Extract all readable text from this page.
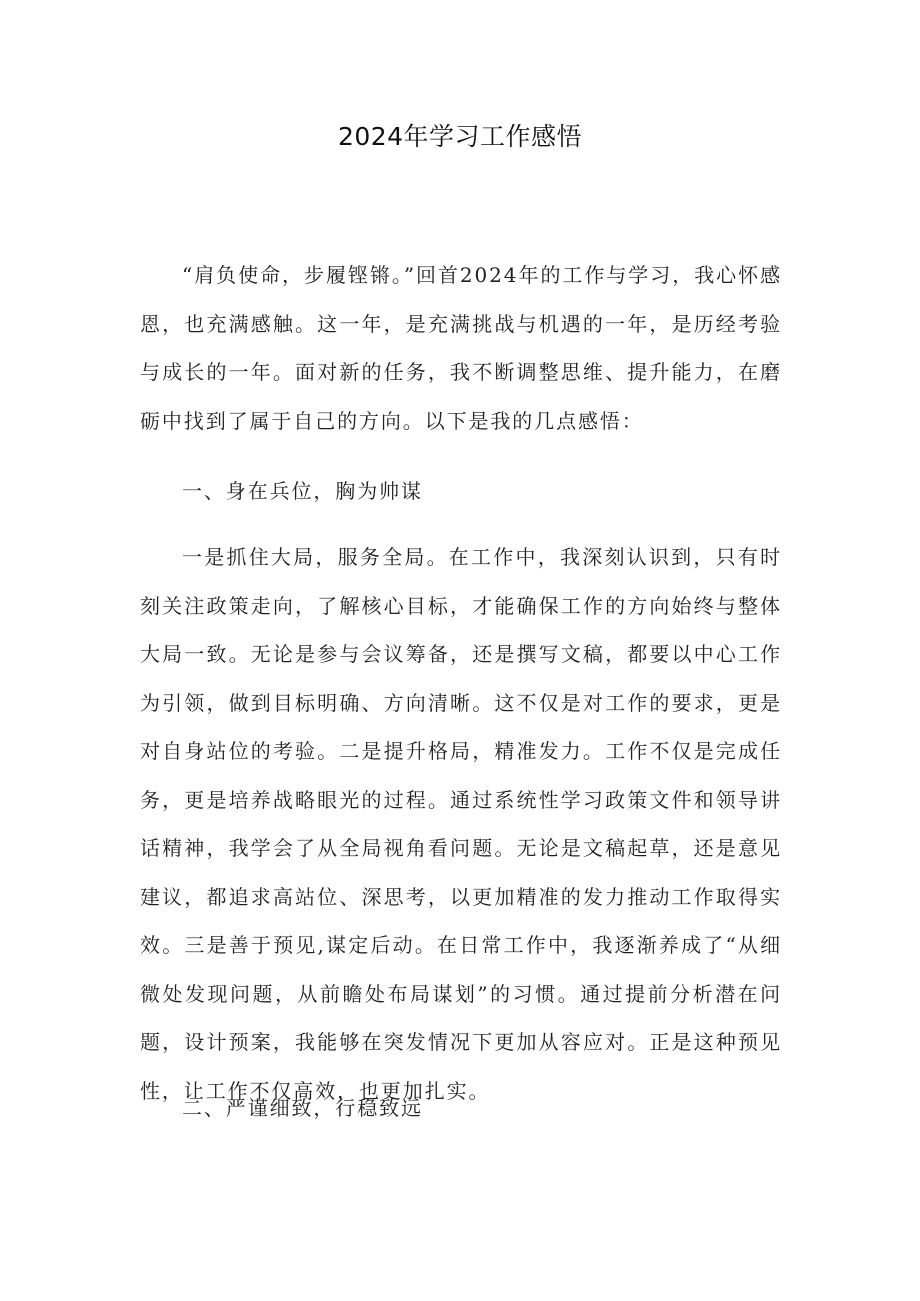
2024年学习工作感悟

“肩负使命，步履铿锵。”回首2024年的工作与学习，我心怀感恩，也充满感触。这一年，是充满挑战与机遇的一年，是历经考验与成长的一年。面对新的任务，我不断调整思维、提升能力，在磨砺中找到了属于自己的方向。以下是我的几点感悟：

一、身在兵位，胸为帅谋

一是抓住大局，服务全局。在工作中，我深刻认识到，只有时刻关注政策走向，了解核心目标，才能确保工作的方向始终与整体大局一致。无论是参与会议筹备，还是撰写文稿，都要以中心工作为引领，做到目标明确、方向清晰。这不仅是对工作的要求，更是对自身站位的考验。二是提升格局，精准发力。工作不仅是完成任务，更是培养战略眼光的过程。通过系统性学习政策文件和领导讲话精神，我学会了从全局视角看问题。无论是文稿起草，还是意见建议，都追求高站位、深思考，以更加精准的发力推动工作取得实效。三是善于预见,谋定后动。在日常工作中，我逐渐养成了“从细微处发现问题，从前瞻处布局谋划”的习惯。通过提前分析潜在问题，设计预案，我能够在突发情况下更加从容应对。正是这种预见性，让工作不仅高效，也更加扎实。

二、严谨细致，行稳致远
